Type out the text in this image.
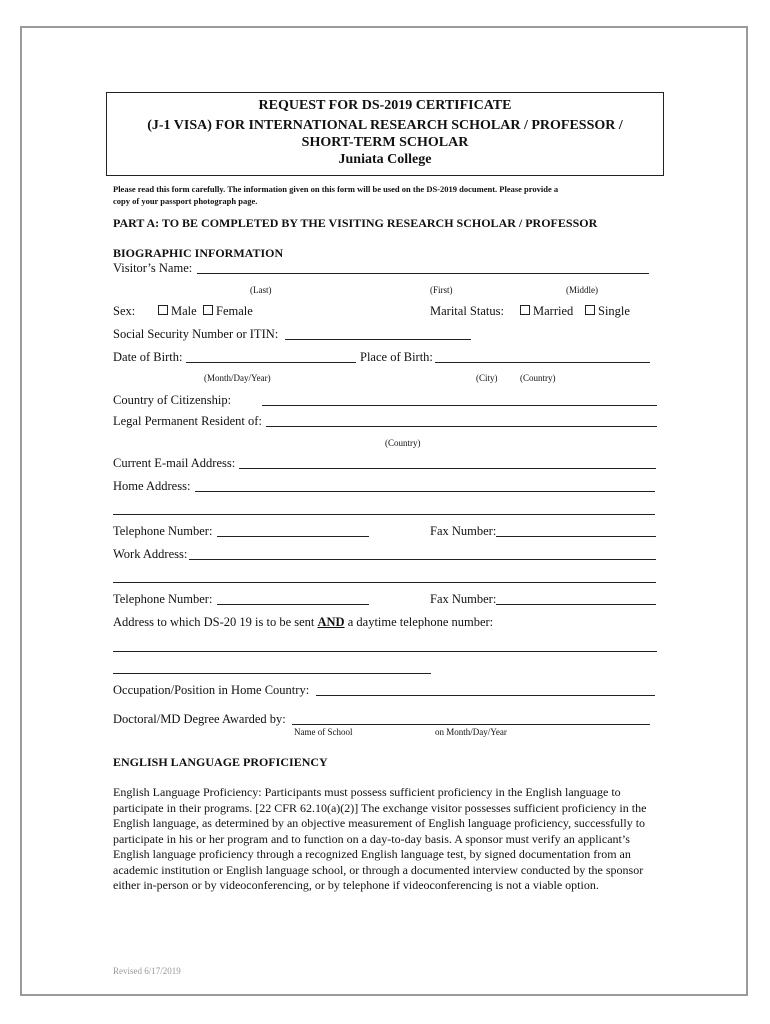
REQUEST FOR DS-2019 CERTIFICATE
(J-1 VISA) FOR INTERNATIONAL RESEARCH SCHOLAR / PROFESSOR /
SHORT-TERM SCHOLAR
Juniata College
Please read this form carefully. The information given on this form will be used on the DS-2019 document. Please provide a
copy of your passport photograph page.
PART A: TO BE COMPLETED BY THE VISITING RESEARCH SCHOLAR / PROFESSOR
BIOGRAPHIC INFORMATION
Visitor’s Name:
(Last)	(First)	(Middle)
Sex:	Male	Female	Marital Status:	Married	Single
Social Security Number or ITIN:
Date of Birth:	Place of Birth:
(Month/Day/Year)	(City)	(Country)
Country of Citizenship:
Legal Permanent Resident of:
(Country)
Current E-mail Address:
Home Address:
Telephone Number:	Fax Number:
Work Address:
Telephone Number:	Fax Number:
Address to which DS-20 19 is to be sent AND a daytime telephone number:
Occupation/Position in Home Country:
Doctoral/MD Degree Awarded by:
Name of School	on Month/Day/Year
ENGLISH LANGUAGE PROFICIENCY
English Language Proficiency: Participants must possess sufficient proficiency in the English language to participate in their programs. [22 CFR 62.10(a)(2)] The exchange visitor possesses sufficient proficiency in the English language, as determined by an objective measurement of English language proficiency, successfully to participate in his or her program and to function on a day-to-day basis. A sponsor must verify an applicant’s English language proficiency through a recognized English language test, by signed documentation from an academic institution or English language school, or through a documented interview conducted by the sponsor either in-person or by videoconferencing, or by telephone if videoconferencing is not a viable option.
Revised 6/17/2019
